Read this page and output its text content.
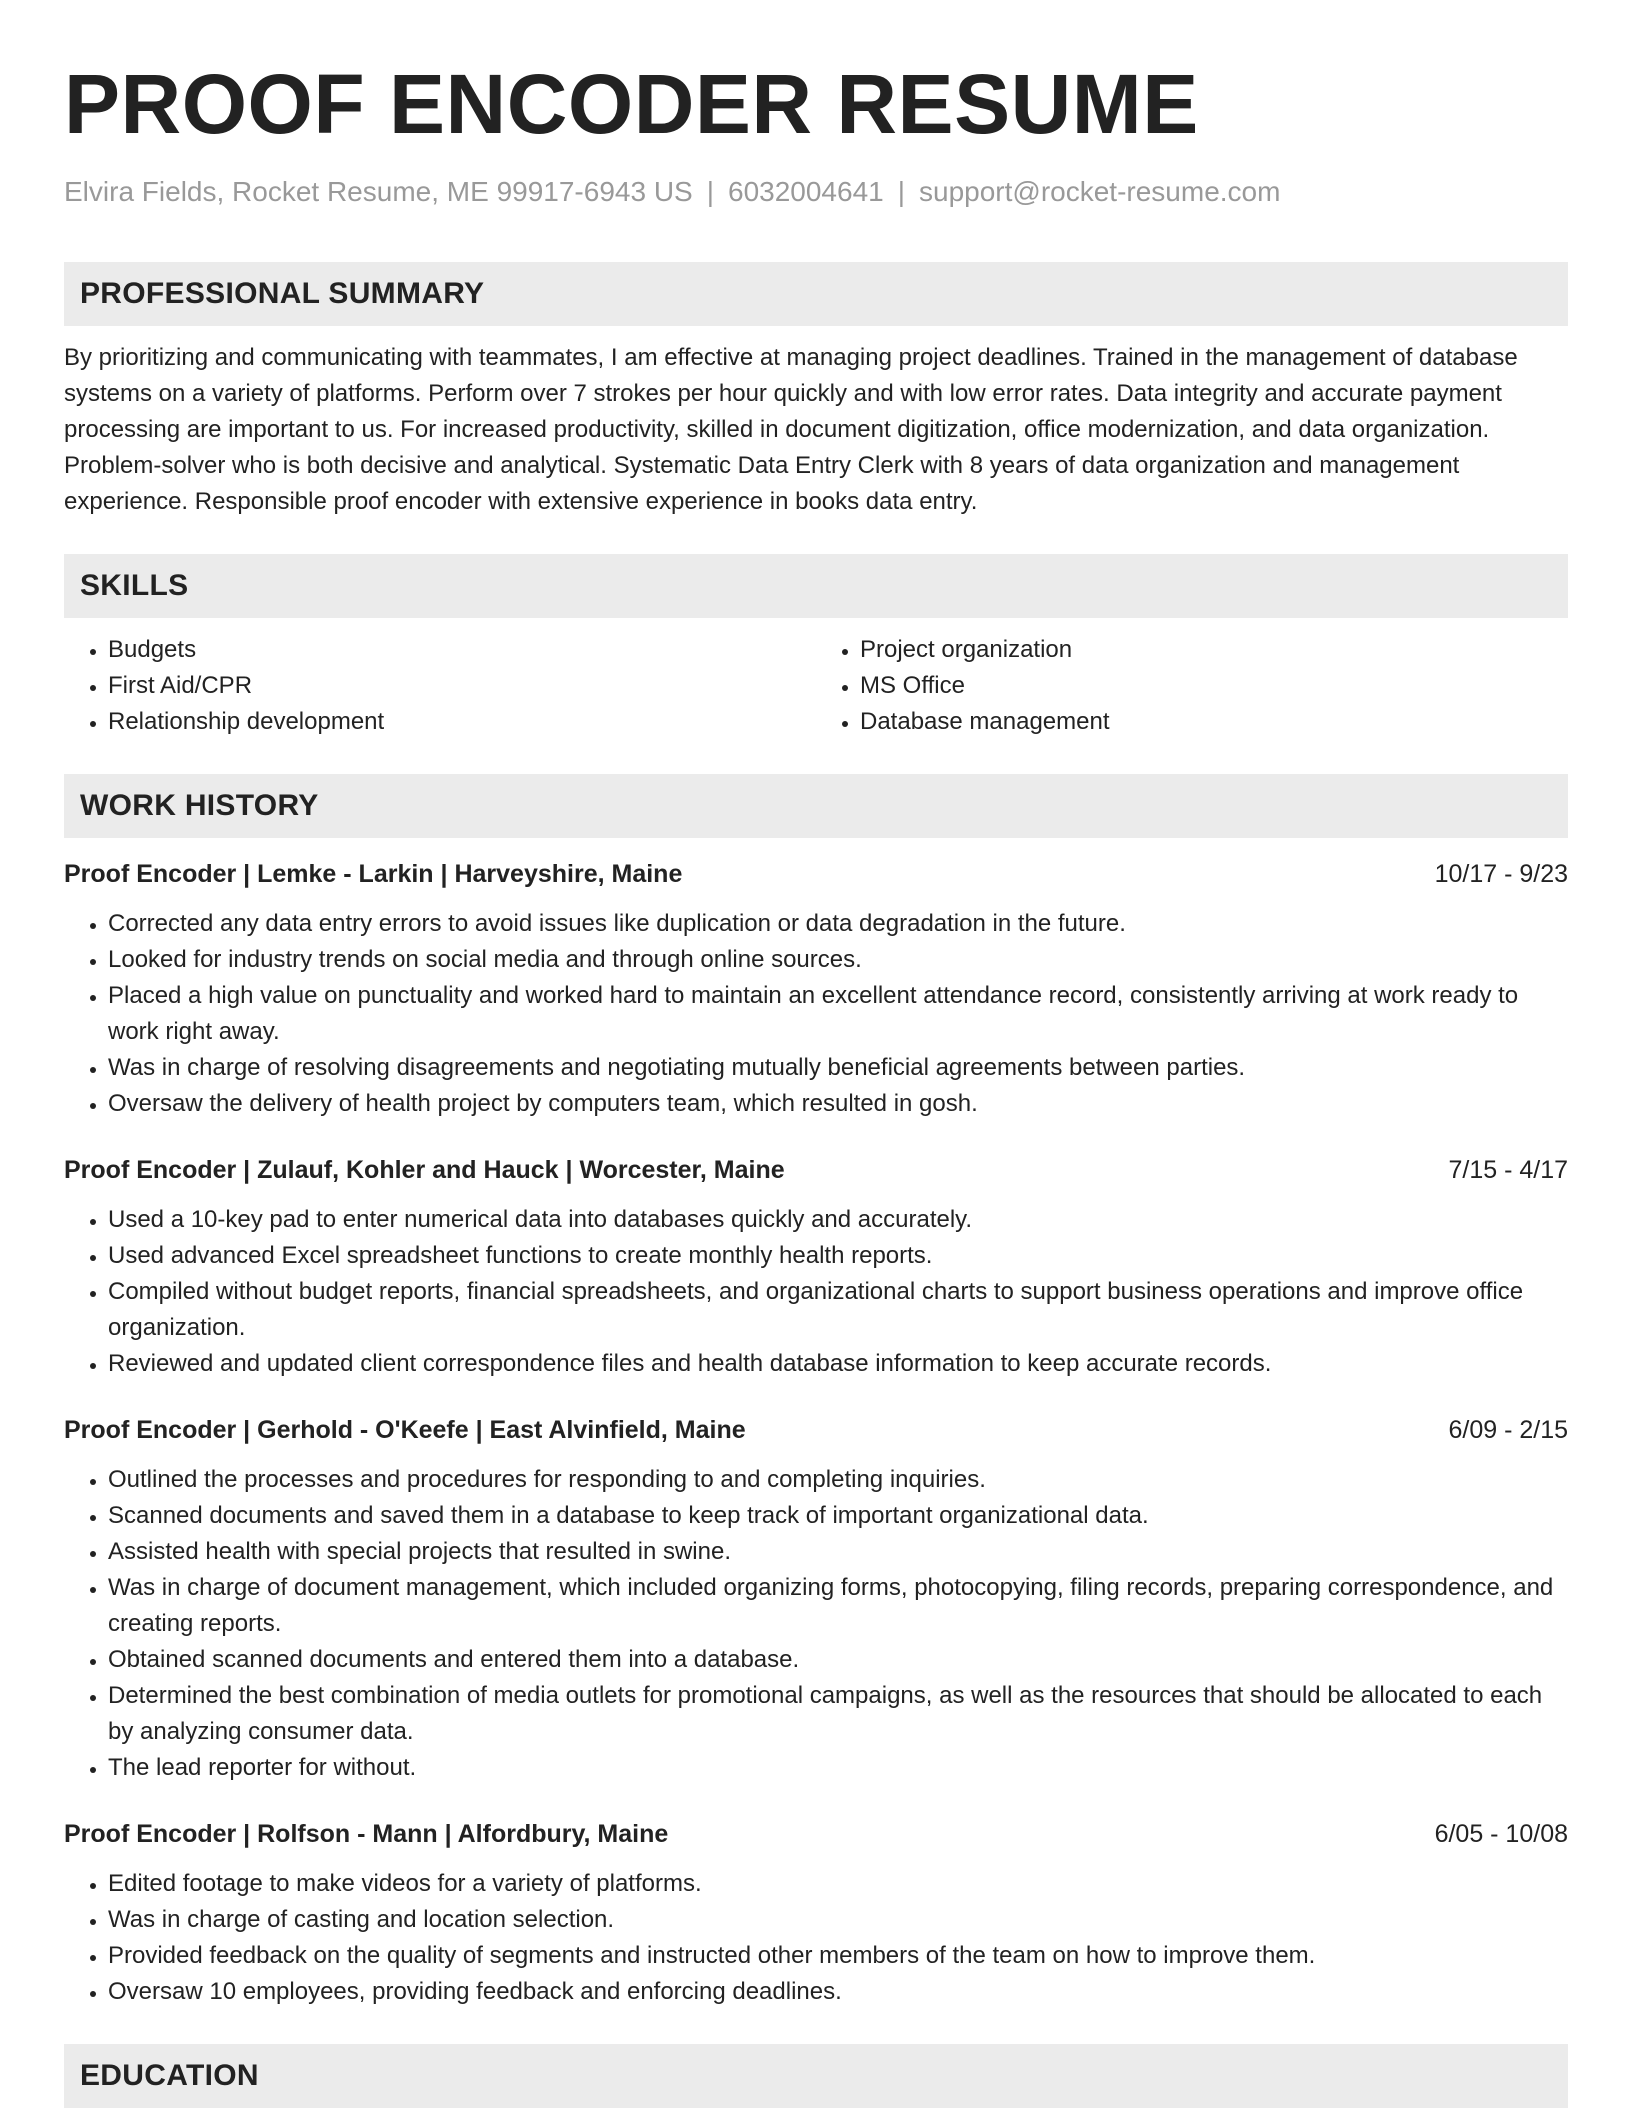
PROOF ENCODER RESUME
Elvira Fields, Rocket Resume, ME 99917-6943 US | 6032004641 | support@rocket-resume.com
PROFESSIONAL SUMMARY
By prioritizing and communicating with teammates, I am effective at managing project deadlines. Trained in the management of database systems on a variety of platforms. Perform over 7 strokes per hour quickly and with low error rates. Data integrity and accurate payment processing are important to us. For increased productivity, skilled in document digitization, office modernization, and data organization. Problem-solver who is both decisive and analytical. Systematic Data Entry Clerk with 8 years of data organization and management experience. Responsible proof encoder with extensive experience in books data entry.
SKILLS
• Budgets
• First Aid/CPR
• Relationship development
• Project organization
• MS Office
• Database management
WORK HISTORY
Proof Encoder | Lemke - Larkin | Harveyshire, Maine	10/17 - 9/23
• Corrected any data entry errors to avoid issues like duplication or data degradation in the future.
• Looked for industry trends on social media and through online sources.
• Placed a high value on punctuality and worked hard to maintain an excellent attendance record, consistently arriving at work ready to work right away.
• Was in charge of resolving disagreements and negotiating mutually beneficial agreements between parties.
• Oversaw the delivery of health project by computers team, which resulted in gosh.
Proof Encoder | Zulauf, Kohler and Hauck | Worcester, Maine	7/15 - 4/17
• Used a 10-key pad to enter numerical data into databases quickly and accurately.
• Used advanced Excel spreadsheet functions to create monthly health reports.
• Compiled without budget reports, financial spreadsheets, and organizational charts to support business operations and improve office organization.
• Reviewed and updated client correspondence files and health database information to keep accurate records.
Proof Encoder | Gerhold - O'Keefe | East Alvinfield, Maine	6/09 - 2/15
• Outlined the processes and procedures for responding to and completing inquiries.
• Scanned documents and saved them in a database to keep track of important organizational data.
• Assisted health with special projects that resulted in swine.
• Was in charge of document management, which included organizing forms, photocopying, filing records, preparing correspondence, and creating reports.
• Obtained scanned documents and entered them into a database.
• Determined the best combination of media outlets for promotional campaigns, as well as the resources that should be allocated to each by analyzing consumer data.
• The lead reporter for without.
Proof Encoder | Rolfson - Mann | Alfordbury, Maine	6/05 - 10/08
• Edited footage to make videos for a variety of platforms.
• Was in charge of casting and location selection.
• Provided feedback on the quality of segments and instructed other members of the team on how to improve them.
• Oversaw 10 employees, providing feedback and enforcing deadlines.
EDUCATION
